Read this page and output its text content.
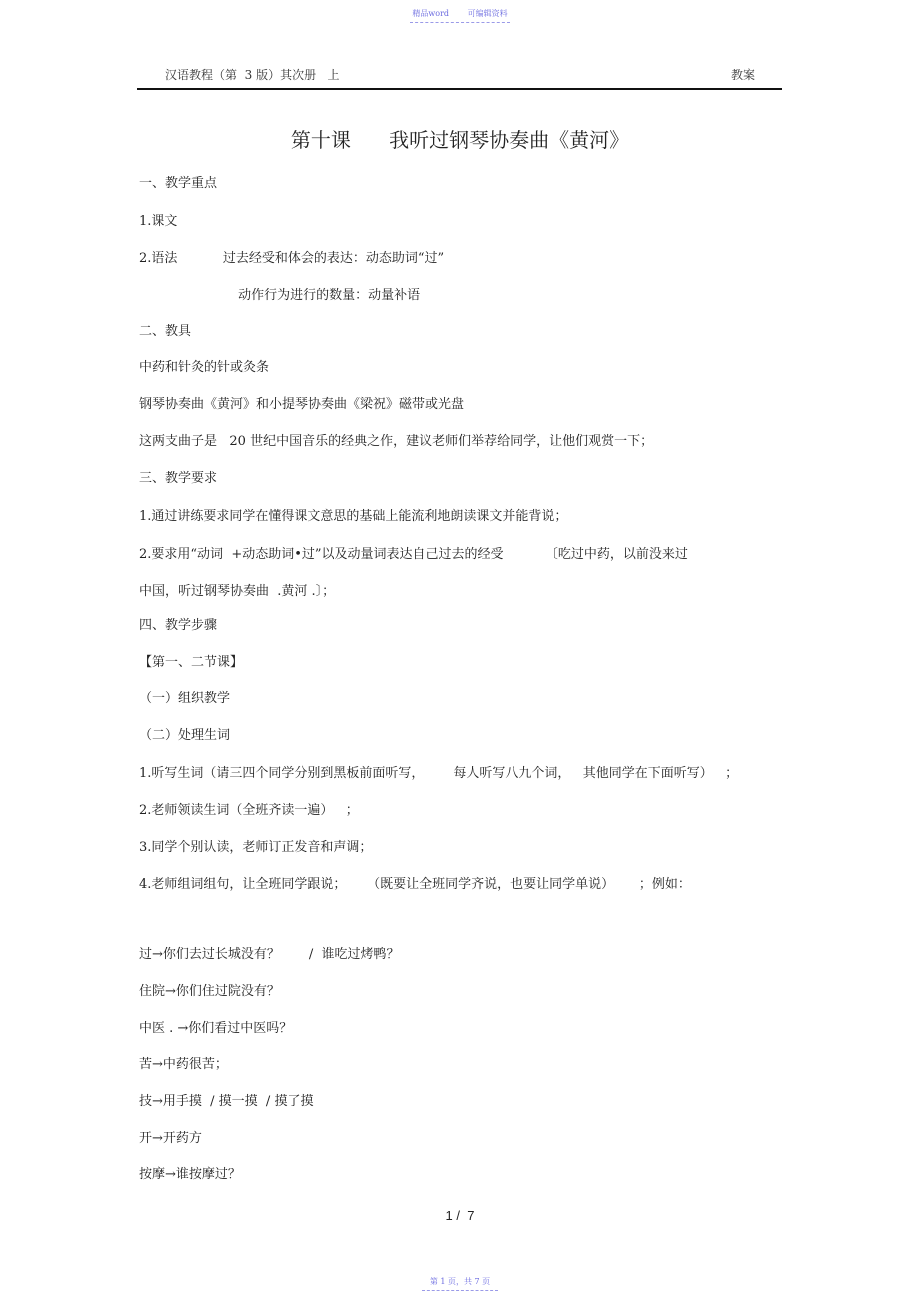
精品word 可编辑资料
汉语教程（第  3 版）其次册   上	教案
第十课      我听过钢琴协奏曲《黄河》
一、教学重点
1.课文
2.语法           过去经受和体会的表达：动态助词“过”
动作行为进行的数量：动量补语
二、教具
中药和针灸的针或灸条
钢琴协奏曲《黄河》和小提琴协奏曲《梁祝》磁带或光盘
这两支曲子是   20 世纪中国音乐的经典之作，建议老师们举荐给同学，让他们观赏一下；
三、教学要求
1.通过讲练要求同学在懂得课文意思的基础上能流利地朗读课文并能背说；
2.要求用“动词  +动态助词•过”以及动量词表达自己过去的经受          〔吃过中药，以前没来过
中国，听过钢琴协奏曲  .黄河 .〕；
四、教学步骤
【第一、二节课】
（一）组织教学
（二）处理生词
1.听写生词（请三四个同学分别到黑板前面听写，       每人听写八九个词，   其他同学在下面听写）   ；
2.老师领读生词（全班齐读一遍）   ；
3.同学个别认读，老师订正发音和声调；
4.老师组词组句，让全班同学跟说；     （既要让全班同学齐说，也要让同学单说）      ；例如：
过→你们去过长城没有？       /  谁吃过烤鸭？
住院→你们住过院没有？
中医 . →你们看过中医吗？
苦→中药很苦；
技→用手摸  / 摸一摸  / 摸了摸
开→开药方
按摩→谁按摩过？
1 /  7
第 1 页，共 7 页
